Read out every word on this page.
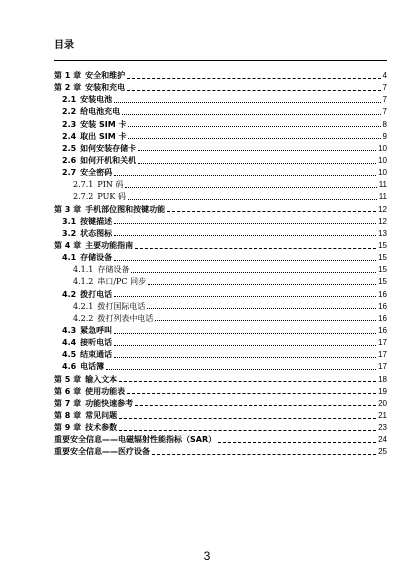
目录
第 1 章 安全和维护	4
第 2 章 安装和充电	7
2.1 安装电池	7
2.2 给电池充电	7
2.3 安装 SIM 卡	8
2.4 取出 SIM 卡	9
2.5 如何安装存储卡	10
2.6 如何开机和关机	10
2.7 安全密码	10
2.7.1 PIN 码	11
2.7.2 PUK 码	11
第 3 章 手机部位图和按键功能	12
3.1 按键描述	12
3.2 状态图标	13
第 4 章 主要功能指南	15
4.1 存储设备	15
4.1.1 存储设备	15
4.1.2 串口/PC 同步	15
4.2 拨打电话	16
4.2.1 拨打国际电话	16
4.2.2 拨打列表中电话	16
4.3 紧急呼叫	16
4.4 接听电话	17
4.5 结束通话	17
4.6 电话簿	17
第 5 章 输入文本	18
第 6 章 使用功能表	19
第 7 章 功能快速参考	20
第 8 章 常见问题	21
第 9 章 技术参数	23
重要安全信息——电磁辐射性能指标（SAR）	24
重要安全信息——医疗设备	25
3
